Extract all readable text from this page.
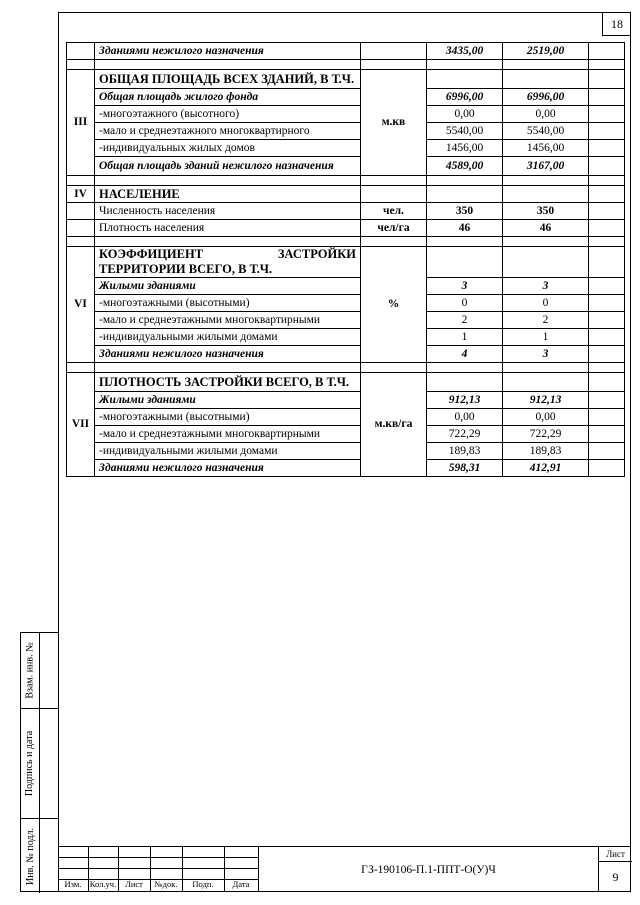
18
	Зданиями нежилого назначения		3435,00	2519,00	

III	ОБЩАЯ ПЛОЩАДЬ ВСЕХ ЗДАНИЙ, В Т.Ч.	м.кв			
	Общая площадь жилого фонда		6996,00	6996,00	
	-многоэтажного (высотного)		0,00	0,00	
	-мало и среднеэтажного многоквартирного		5540,00	5540,00	
	-индивидуальных жилых домов		1456,00	1456,00	
	Общая площадь зданий нежилого назначения		4589,00	3167,00	

IV	НАСЕЛЕНИЕ				
	Численность населения	чел.	350	350	
	Плотность населения	чел/га	46	46	

VI	КОЭФФИЦИЕНТ ЗАСТРОЙКИ ТЕРРИТОРИИ ВСЕГО, В Т.Ч.	%			
	Жилыми зданиями		3	3	
	-многоэтажными (высотными)		0	0	
	-мало и среднеэтажными многоквартирными		2	2	
	-индивидуальными жилыми домами		1	1	
	Зданиями нежилого назначения		4	3	

VII	ПЛОТНОСТЬ ЗАСТРОЙКИ ВСЕГО, В Т.Ч.	м.кв/га			
	Жилыми зданиями		912,13	912,13	
	-многоэтажными (высотными)		0,00	0,00	
	-мало и среднеэтажными многоквартирными		722,29	722,29	
	-индивидуальными жилыми домами		189,83	189,83	
	Зданиями нежилого назначения		598,31	412,91	
Взам. инв. №
Подпись и дата
Инв. № подл.	Изм. Кол.уч.	Лист	№док.	Подп.	Дата
ГЗ-190106-П.1-ППТ-О(У)Ч
Лист
9
